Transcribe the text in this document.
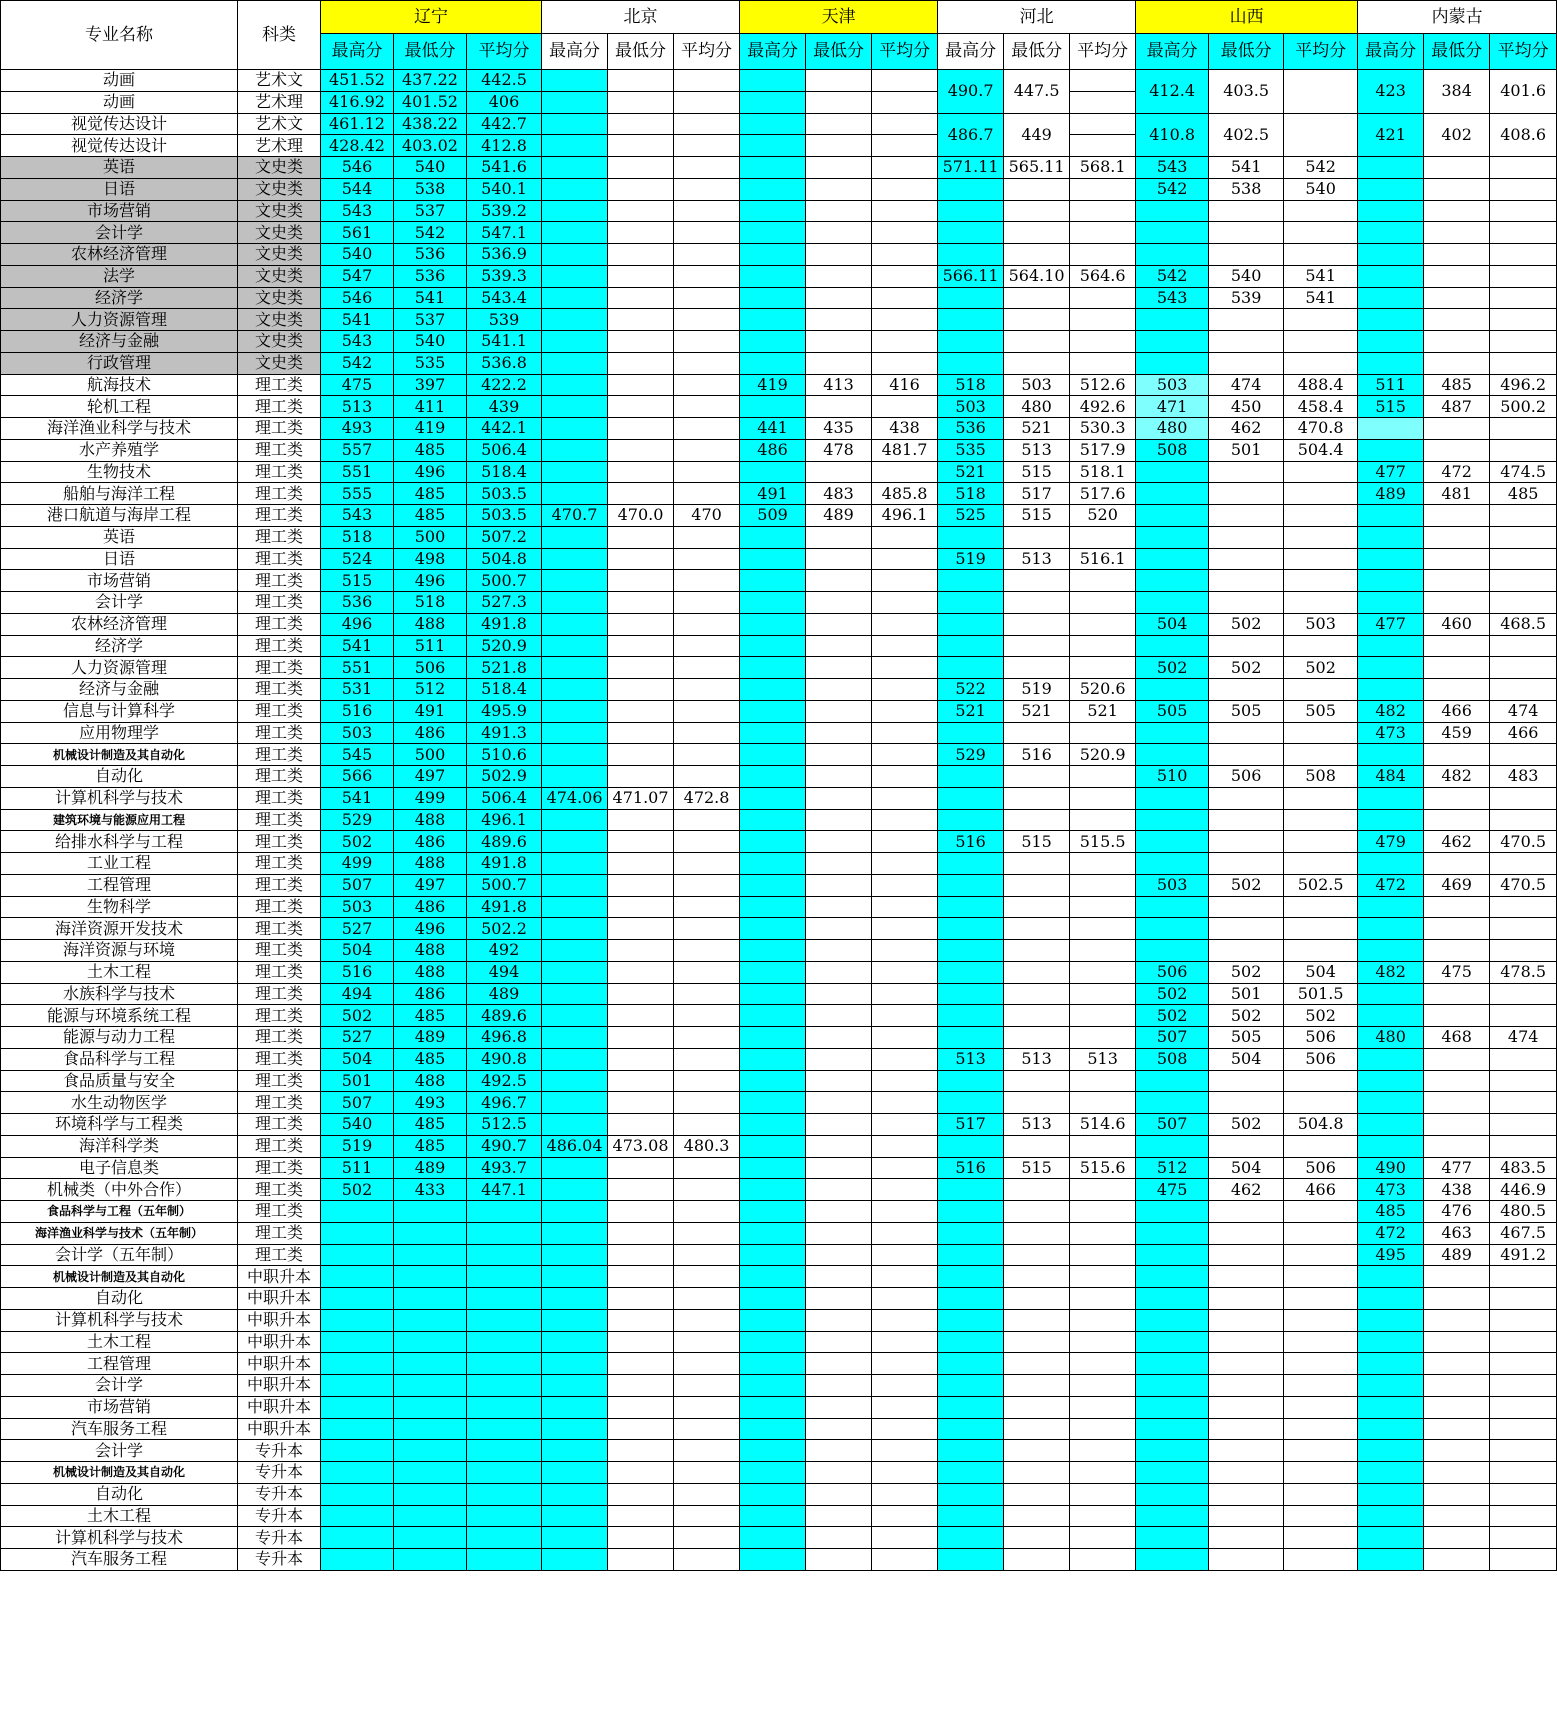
专业名称	科类	辽宁			北京			天津			河北			山西			内蒙古		
		最高分	最低分	平均分	最高分	最低分	平均分	最高分	最低分	平均分	最高分	最低分	平均分	最高分	最低分	平均分	最高分	最低分	平均分
动画	艺术文	451.52	437.22	442.5							490.7	447.5		412.4	403.5		423	384	401.6
动画	艺术理	416.92	401.52	406															
视觉传达设计	艺术文	461.12	438.22	442.7							486.7	449		410.8	402.5		421	402	408.6
视觉传达设计	艺术理	428.42	403.02	412.8															
英语	文史类	546	540	541.6							571.11	565.11	568.1	543	541	542			
日语	文史类	544	538	540.1										542	538	540			
市场营销	文史类	543	537	539.2															
会计学	文史类	561	542	547.1															
农林经济管理	文史类	540	536	536.9															
法学	文史类	547	536	539.3							566.11	564.10	564.6	542	540	541			
经济学	文史类	546	541	543.4										543	539	541			
人力资源管理	文史类	541	537	539															
经济与金融	文史类	543	540	541.1															
行政管理	文史类	542	535	536.8															
航海技术	理工类	475	397	422.2				419	413	416	518	503	512.6	503	474	488.4	511	485	496.2
轮机工程	理工类	513	411	439							503	480	492.6	471	450	458.4	515	487	500.2
海洋渔业科学与技术	理工类	493	419	442.1				441	435	438	536	521	530.3	480	462	470.8			
水产养殖学	理工类	557	485	506.4				486	478	481.7	535	513	517.9	508	501	504.4			
生物技术	理工类	551	496	518.4							521	515	518.1				477	472	474.5
船舶与海洋工程	理工类	555	485	503.5				491	483	485.8	518	517	517.6				489	481	485
港口航道与海岸工程	理工类	543	485	503.5	470.7	470.0	470	509	489	496.1	525	515	520						
英语	理工类	518	500	507.2															
日语	理工类	524	498	504.8							519	513	516.1						
市场营销	理工类	515	496	500.7															
会计学	理工类	536	518	527.3															
农林经济管理	理工类	496	488	491.8										504	502	503	477	460	468.5
经济学	理工类	541	511	520.9															
人力资源管理	理工类	551	506	521.8										502	502	502			
经济与金融	理工类	531	512	518.4							522	519	520.6						
信息与计算科学	理工类	516	491	495.9							521	521	521	505	505	505	482	466	474
应用物理学	理工类	503	486	491.3													473	459	466
机械设计制造及其自动化	理工类	545	500	510.6							529	516	520.9						
自动化	理工类	566	497	502.9										510	506	508	484	482	483
计算机科学与技术	理工类	541	499	506.4	474.06	471.07	472.8												
建筑环境与能源应用工程	理工类	529	488	496.1															
给排水科学与工程	理工类	502	486	489.6							516	515	515.5				479	462	470.5
工业工程	理工类	499	488	491.8															
工程管理	理工类	507	497	500.7										503	502	502.5	472	469	470.5
生物科学	理工类	503	486	491.8															
海洋资源开发技术	理工类	527	496	502.2															
海洋资源与环境	理工类	504	488	492															
土木工程	理工类	516	488	494										506	502	504	482	475	478.5
水族科学与技术	理工类	494	486	489										502	501	501.5			
能源与环境系统工程	理工类	502	485	489.6										502	502	502			
能源与动力工程	理工类	527	489	496.8										507	505	506	480	468	474
食品科学与工程	理工类	504	485	490.8							513	513	513	508	504	506			
食品质量与安全	理工类	501	488	492.5															
水生动物医学	理工类	507	493	496.7															
环境科学与工程类	理工类	540	485	512.5							517	513	514.6	507	502	504.8			
海洋科学类	理工类	519	485	490.7	486.04	473.08	480.3												
电子信息类	理工类	511	489	493.7							516	515	515.6	512	504	506	490	477	483.5
机械类（中外合作）	理工类	502	433	447.1										475	462	466	473	438	446.9
食品科学与工程（五年制）	理工类																485	476	480.5
海洋渔业科学与技术（五年制）	理工类																472	463	467.5
会计学（五年制）	理工类																495	489	491.2
机械设计制造及其自动化	中职升本																		
自动化	中职升本																		
计算机科学与技术	中职升本																		
土木工程	中职升本																		
工程管理	中职升本																		
会计学	中职升本																		
市场营销	中职升本																		
汽车服务工程	中职升本																		
会计学	专升本																		
机械设计制造及其自动化	专升本																		
自动化	专升本																		
土木工程	专升本																		
计算机科学与技术	专升本																		
汽车服务工程	专升本																		
